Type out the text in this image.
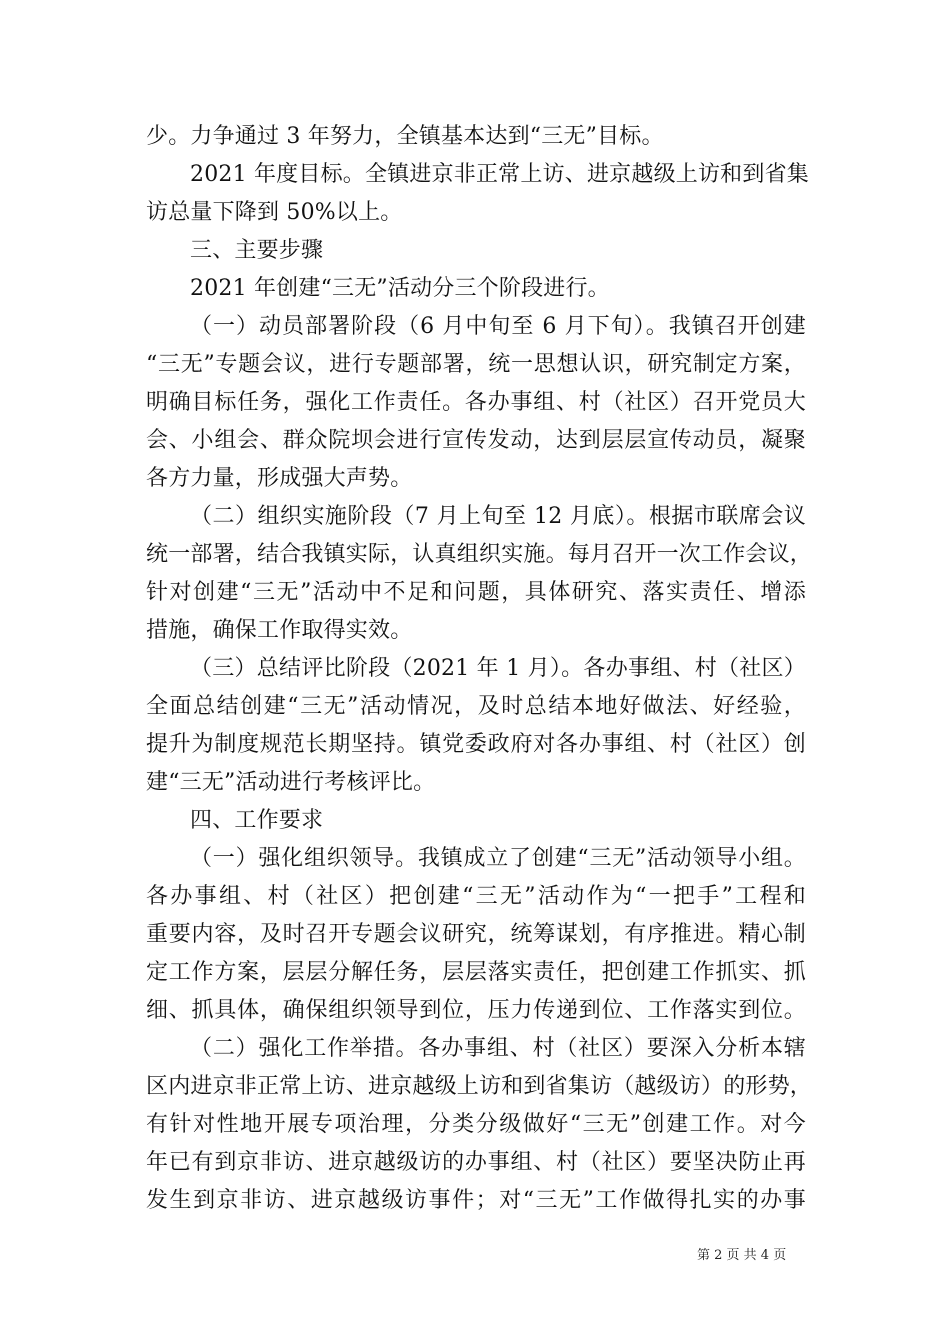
少。力争通过 3 年努力，全镇基本达到“三无”目标。
2021 年度目标。全镇进京非正常上访、进京越级上访和到省集
访总量下降到 50%以上。
三、主要步骤
2021 年创建“三无”活动分三个阶段进行。
（一）动员部署阶段（6 月中旬至 6 月下旬）。我镇召开创建
“三无”专题会议，进行专题部署，统一思想认识，研究制定方案，
明确目标任务，强化工作责任。各办事组、村（社区）召开党员大
会、小组会、群众院坝会进行宣传发动，达到层层宣传动员，凝聚
各方力量，形成强大声势。
（二）组织实施阶段（7 月上旬至 12 月底）。根据市联席会议
统一部署，结合我镇实际，认真组织实施。每月召开一次工作会议，
针对创建“三无”活动中不足和问题，具体研究、落实责任、增添
措施，确保工作取得实效。
（三）总结评比阶段（2021 年 1 月）。各办事组、村（社区）
全面总结创建“三无”活动情况，及时总结本地好做法、好经验，
提升为制度规范长期坚持。镇党委政府对各办事组、村（社区）创
建“三无”活动进行考核评比。
四、工作要求
（一）强化组织领导。我镇成立了创建“三无”活动领导小组。
各办事组、村（社区）把创建“三无”活动作为“一把手”工程和
重要内容，及时召开专题会议研究，统筹谋划，有序推进。精心制
定工作方案，层层分解任务，层层落实责任，把创建工作抓实、抓
细、抓具体，确保组织领导到位，压力传递到位、工作落实到位。
（二）强化工作举措。各办事组、村（社区）要深入分析本辖
区内进京非正常上访、进京越级上访和到省集访（越级访）的形势，
有针对性地开展专项治理，分类分级做好“三无”创建工作。对今
年已有到京非访、进京越级访的办事组、村（社区）要坚决防止再
发生到京非访、进京越级访事件；对“三无”工作做得扎实的办事
第 2 页 共 4 页
